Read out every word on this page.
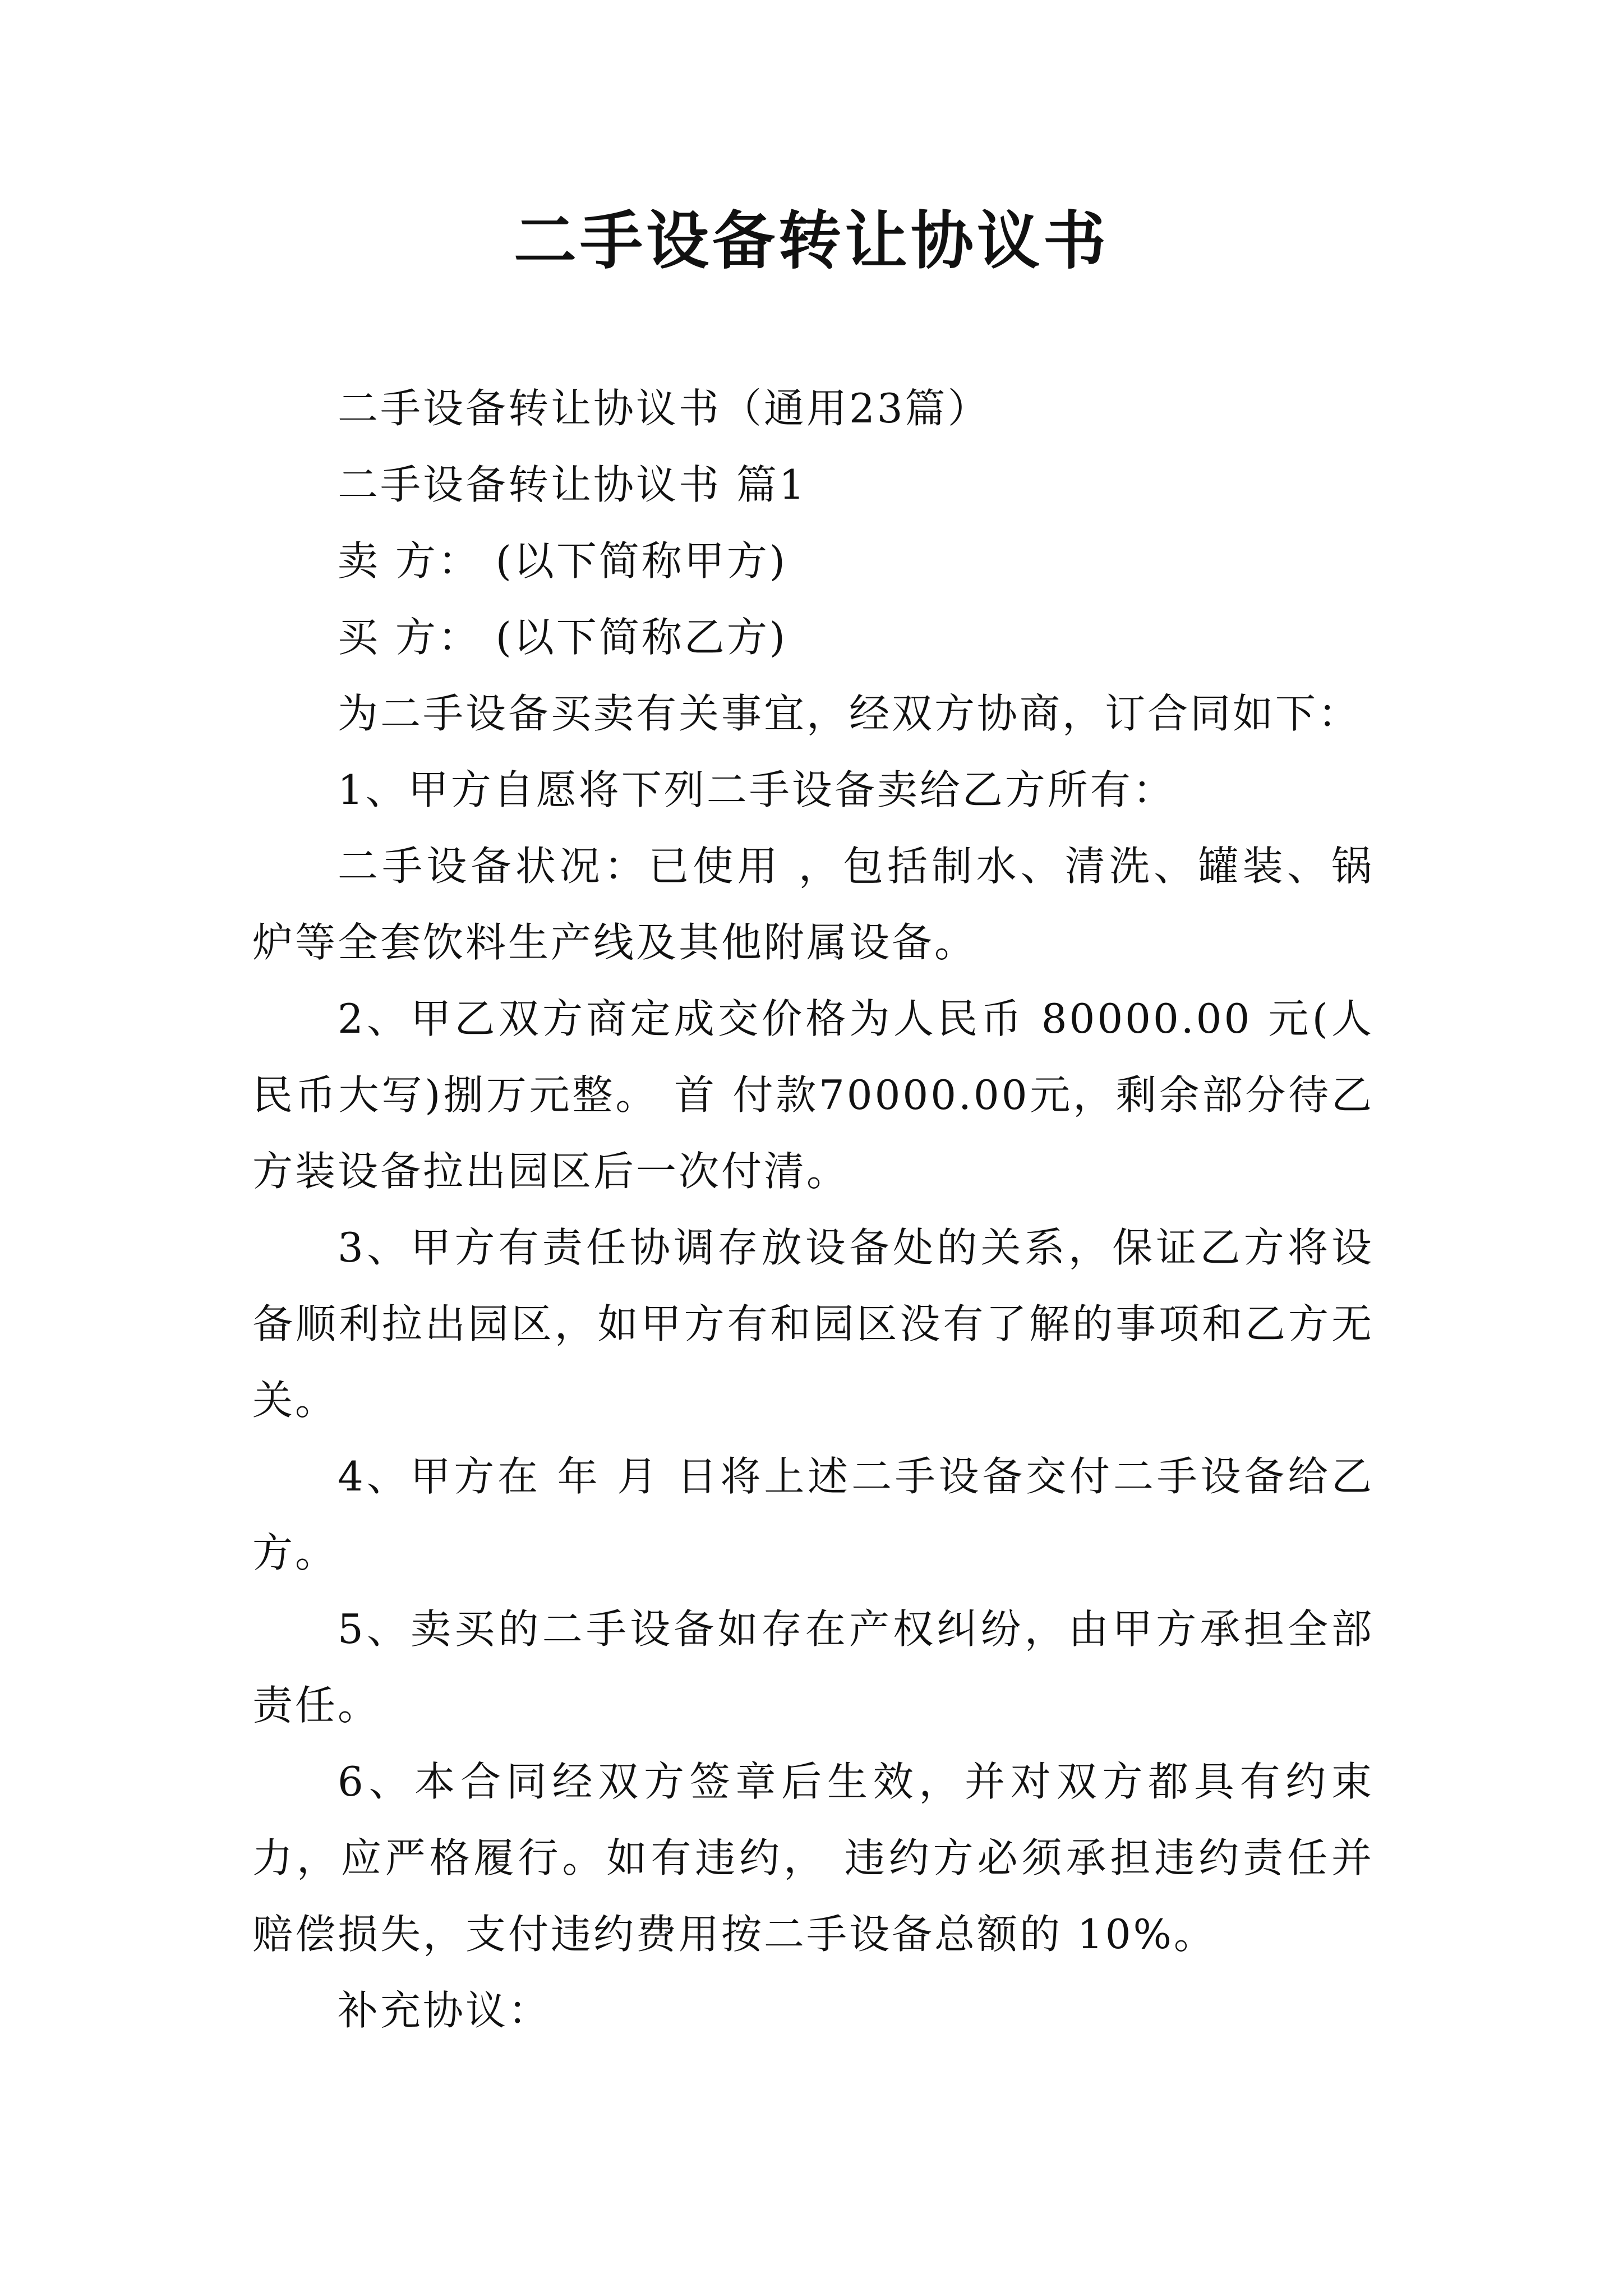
二手设备转让协议书

二手设备转让协议书（通用23篇）

二手设备转让协议书 篇1

卖 方： (以下简称甲方)

买 方： (以下简称乙方)

为二手设备买卖有关事宜，经双方协商，订合同如下：

1、甲方自愿将下列二手设备卖给乙方所有：

二手设备状况：已使用 ，包括制水、清洗、罐装、锅炉等全套饮料生产线及其他附属设备。

2、甲乙双方商定成交价格为人民币 80000.00 元(人民币大写)捌万元整。 首 付款70000.00元，剩余部分待乙方装设备拉出园区后一次付清。

3、甲方有责任协调存放设备处的关系，保证乙方将设备顺利拉出园区，如甲方有和园区没有了解的事项和乙方无关。

4、甲方在 年 月 日将上述二手设备交付二手设备给乙方。

5、卖买的二手设备如存在产权纠纷，由甲方承担全部责任。

6、本合同经双方签章后生效，并对双方都具有约束力，应严格履行。如有违约， 违约方必须承担违约责任并赔偿损失，支付违约费用按二手设备总额的 10%。

补充协议：
